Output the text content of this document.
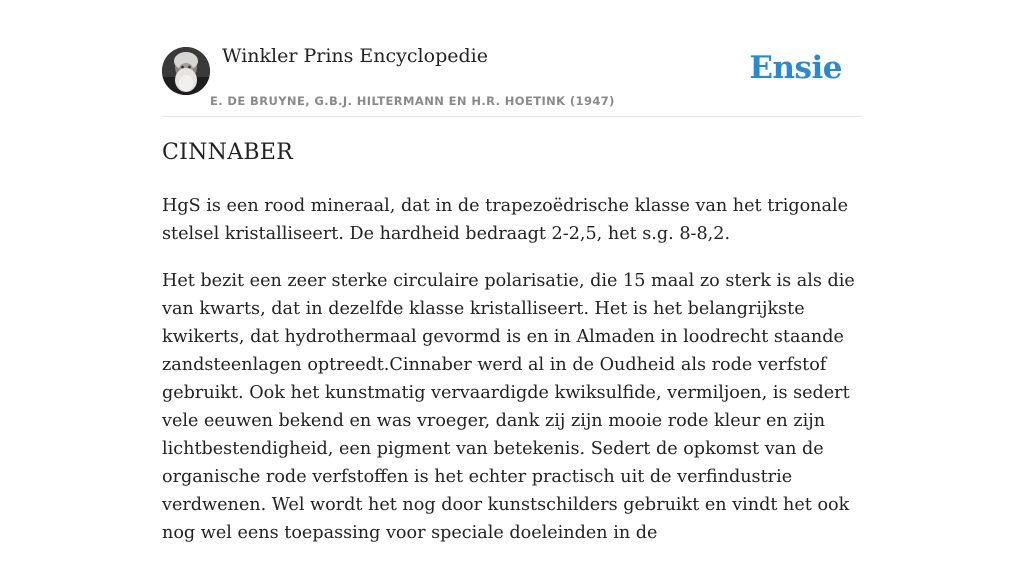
Winkler Prins Encyclopedie
E. DE BRUYNE, G.B.J. HILTERMANN EN H.R. HOETINK (1947)
Ensie
CINNABER

HgS is een rood mineraal, dat in de trapezoëdrische klasse van het trigonale stelsel kristalliseert. De hardheid bedraagt 2-2,5, het s.g. 8-8,2.

Het bezit een zeer sterke circulaire polarisatie, die 15 maal zo sterk is als die van kwarts, dat in dezelfde klasse kristalliseert. Het is het belangrijkste kwikerts, dat hydrothermaal gevormd is en in Almaden in loodrecht staande zandsteenlagen optreedt.Cinnaber werd al in de Oudheid als rode verfstof gebruikt. Ook het kunstmatig vervaardigde kwiksulfide, vermiljoen, is sedert vele eeuwen bekend en was vroeger, dank zij zijn mooie rode kleur en zijn lichtbestendigheid, een pigment van betekenis. Sedert de opkomst van de organische rode verfstoffen is het echter practisch uit de verfindustrie verdwenen. Wel wordt het nog door kunstschilders gebruikt en vindt het ook nog wel eens toepassing voor speciale doeleinden in de
